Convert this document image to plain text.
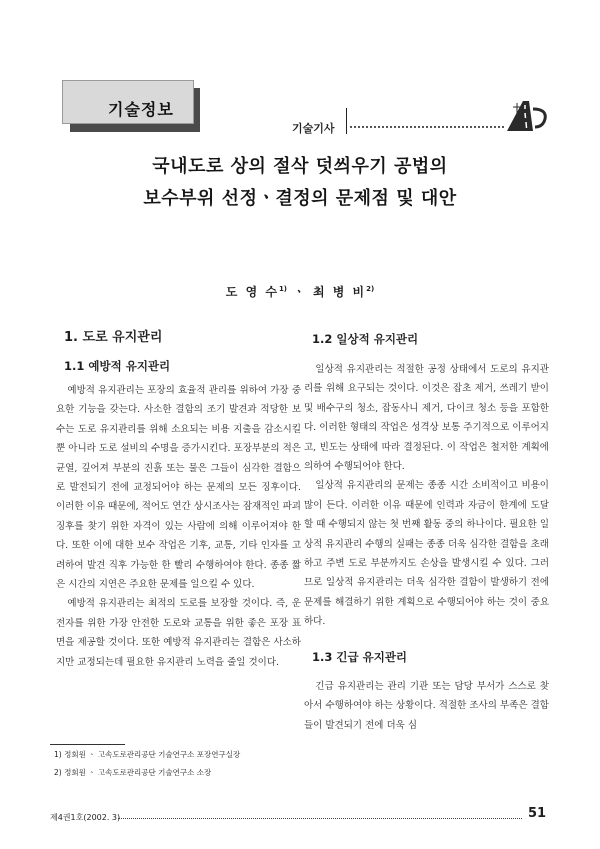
기술정보
기술기사
국내도로 상의 절삭 덧씌우기 공법의
보수부위 선정ㆍ결정의 문제점 및 대안
도 영 수$^{1)}$ ㆍ 최 병 비$^{2)}$
1. 도로 유지관리
1.1 예방적 유지관리

예방적 유지관리는 포장의 효율적 관리를 위하여 가장 중요한 기능을 갖는다. 사소한 결함의 조기 발견과 적당한 보수는 도로 유지관리를 위해 소요되는 비용 지출을 감소시킬 뿐 아니라 도로 설비의 수명을 증가시킨다. 포장부분의 적은 균열, 깊어져 부분의 진흙 또는 물은 그들이 심각한 결함으로 발전되기 전에 교정되어야 하는 문제의 모든 징후이다. 이러한 이유 때문에, 적어도 연간 상시조사는 잠재적인 파괴 징후를 찾기 위한 자격이 있는 사람에 의해 이루어져야 한다. 또한 이에 대한 보수 작업은 기후, 교통, 기타 인자를 고려하여 발견 직후 가능한 한 빨리 수행하여야 한다. 종종 짧은 시간의 지연은 주요한 문제를 일으킬 수 있다.

예방적 유지관리는 최적의 도로를 보장할 것이다. 즉, 운전자를 위한 가장 안전한 도로와 교통을 위한 좋은 포장 표면을 제공할 것이다. 또한 예방적 유지관리는 결함은 사소하지만 교정되는데 필요한 유지관리 노력을 줄일 것이다.

1.2 일상적 유지관리

일상적 유지관리는 적절한 공정 상태에서 도로의 유지관리를 위해 요구되는 것이다. 이것은 잡초 제거, 쓰레기 받이 및 배수구의 청소, 잡동사니 제거, 다이크 청소 등을 포함한다. 이러한 형태의 작업은 성격상 보통 주기적으로 이루어지고, 빈도는 상태에 따라 결정된다. 이 작업은 철저한 계획에 의하여 수행되어야 한다.

일상적 유지관리의 문제는 종종 시간 소비적이고 비용이 많이 든다. 이러한 이유 때문에 인력과 자금이 한계에 도달할 때 수행되지 않는 첫 번째 활동 중의 하나이다. 필요한 일상적 유지관리 수행의 실패는 종종 더욱 심각한 결함을 초래하고 주변 도로 부분까지도 손상을 발생시킬 수 있다. 그러므로 일상적 유지관리는 더욱 심각한 결함이 발생하기 전에 문제를 해결하기 위한 계획으로 수행되어야 하는 것이 중요하다.

1.3 긴급 유지관리

긴급 유지관리는 관리 기관 또는 담당 부서가 스스로 찾아서 수행하여야 하는 상황이다. 적절한 조사의 부족은 결함들이 발견되기 전에 더욱 심

1) 정회원 ㆍ 고속도로관리공단 기술연구소 포장연구실장
2) 정회원 ㆍ 고속도로관리공단 기술연구소 소장
제4권1호(2002. 3)	51
